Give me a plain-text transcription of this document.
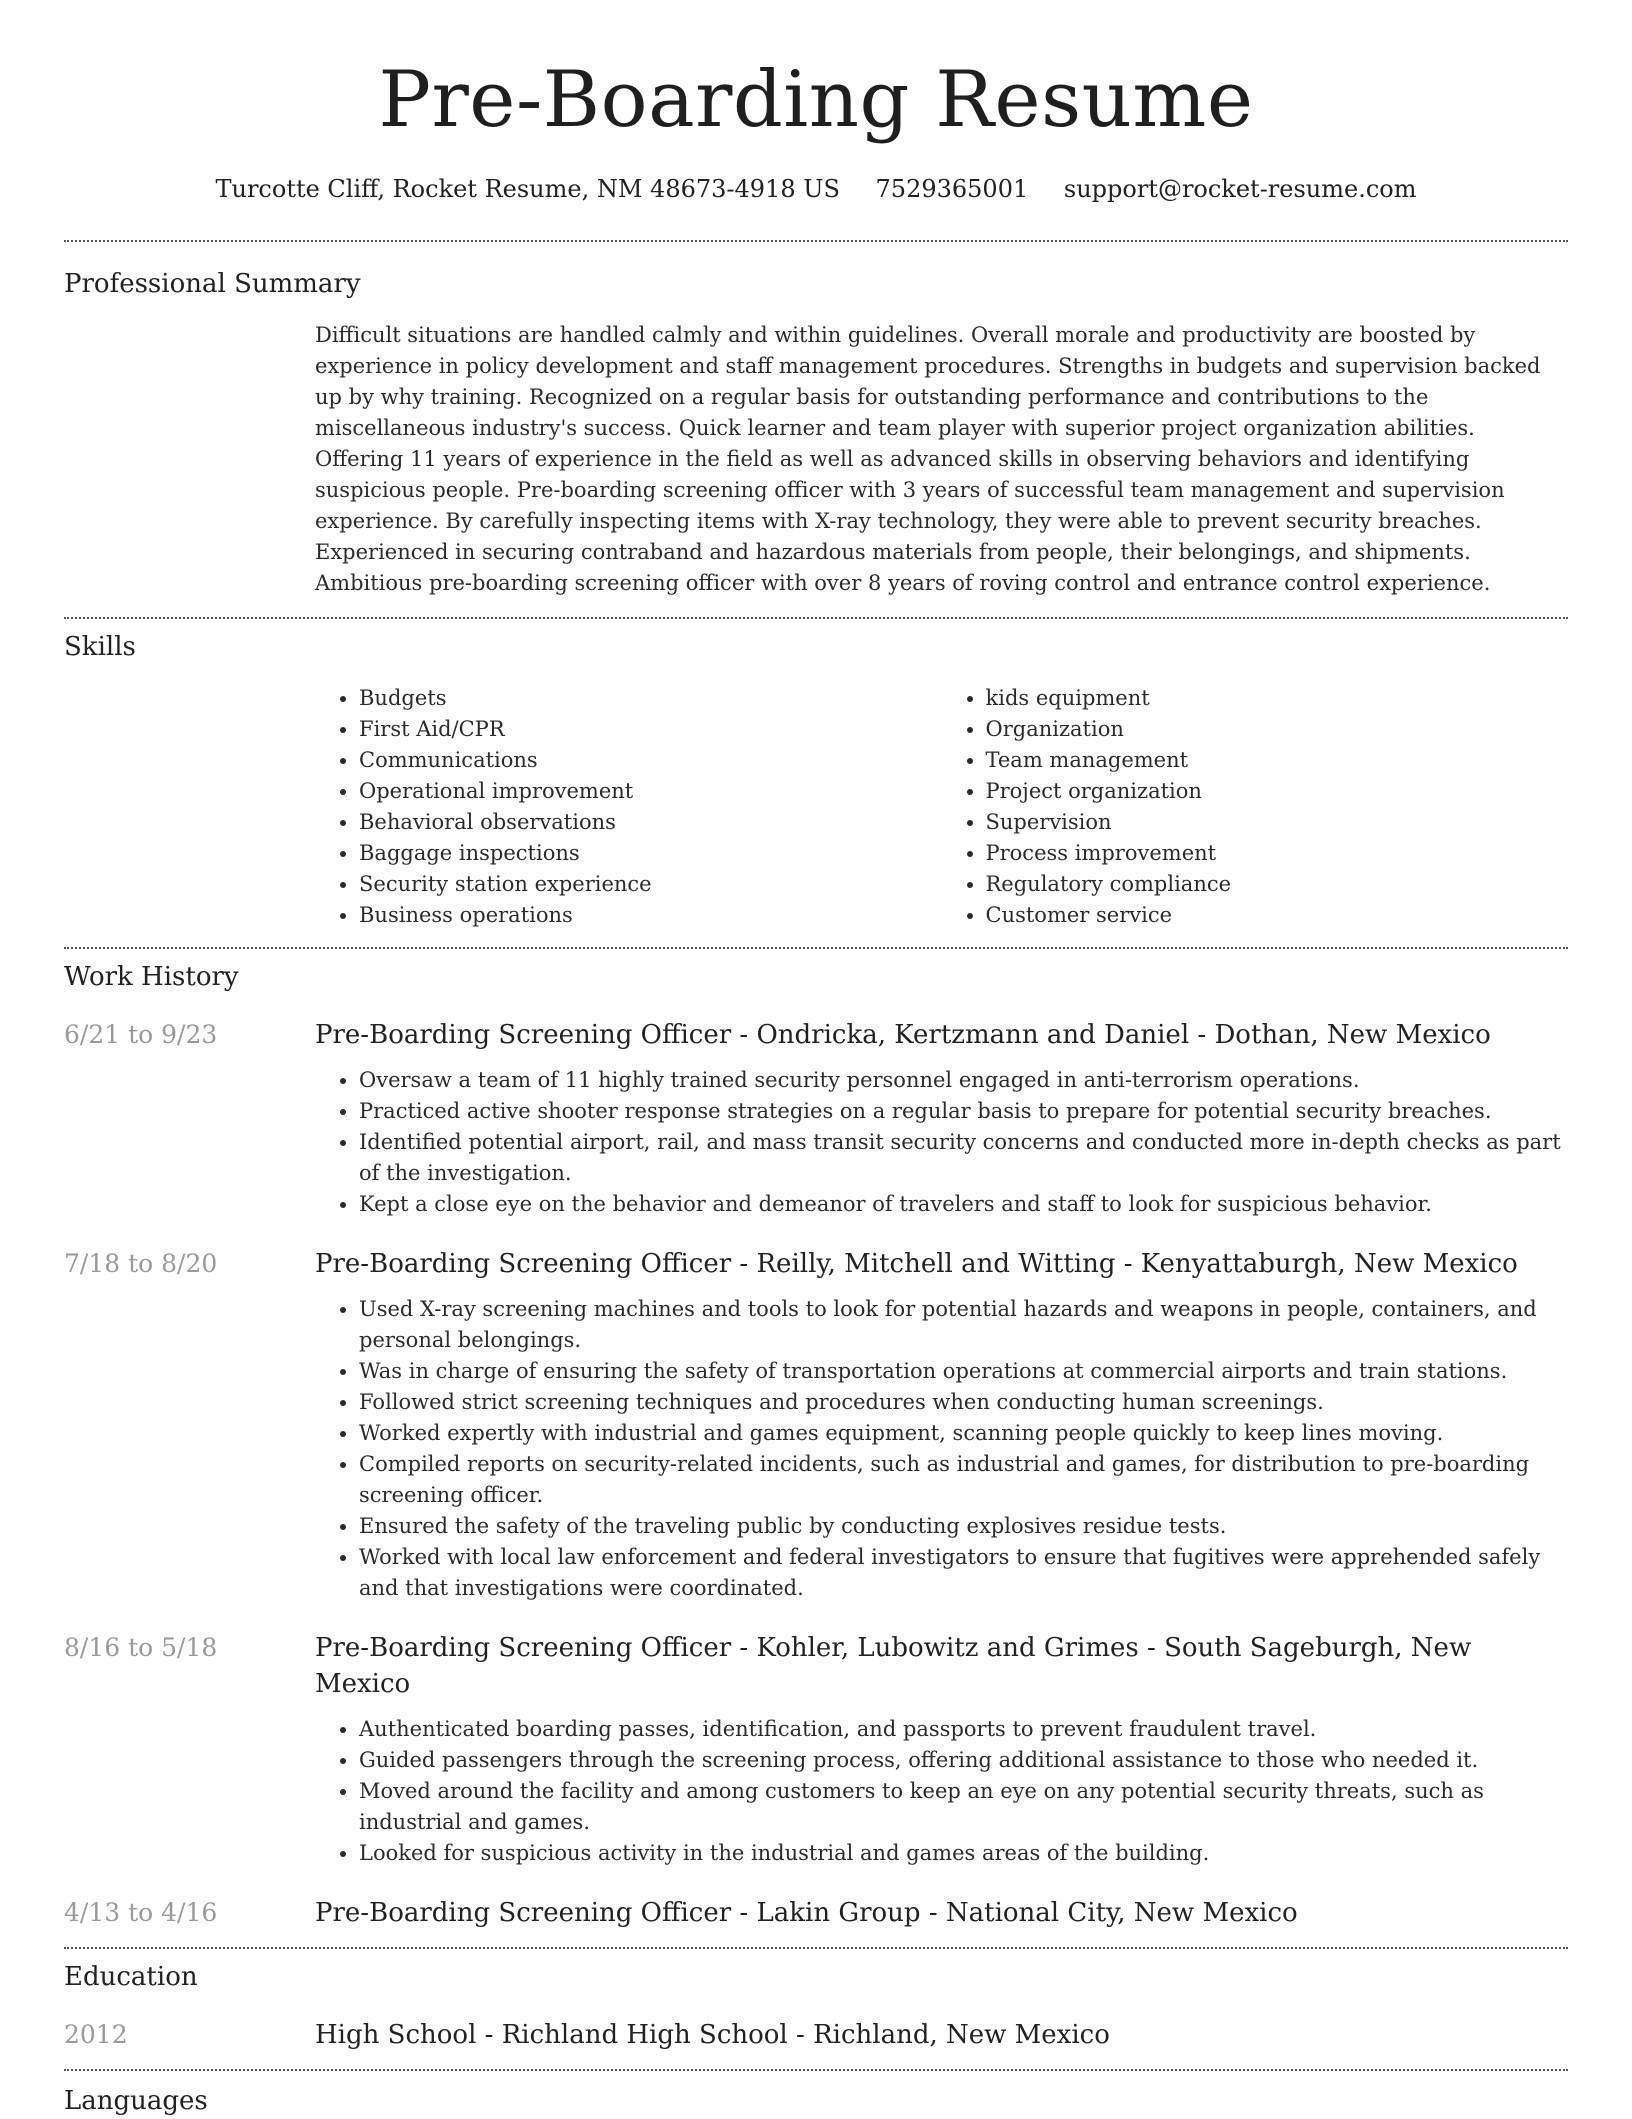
Pre-Boarding Resume
Turcotte Cliff, Rocket Resume, NM 48673-4918 US 7529365001 support@rocket-resume.com
Professional Summary
Difficult situations are handled calmly and within guidelines. Overall morale and productivity are boosted by experience in policy development and staff management procedures. Strengths in budgets and supervision backed up by why training. Recognized on a regular basis for outstanding performance and contributions to the miscellaneous industry's success. Quick learner and team player with superior project organization abilities. Offering 11 years of experience in the field as well as advanced skills in observing behaviors and identifying suspicious people. Pre-boarding screening officer with 3 years of successful team management and supervision experience. By carefully inspecting items with X-ray technology, they were able to prevent security breaches. Experienced in securing contraband and hazardous materials from people, their belongings, and shipments. Ambitious pre-boarding screening officer with over 8 years of roving control and entrance control experience.
Skills
• Budgets
• First Aid/CPR
• Communications
• Operational improvement
• Behavioral observations
• Baggage inspections
• Security station experience
• Business operations
• kids equipment
• Organization
• Team management
• Project organization
• Supervision
• Process improvement
• Regulatory compliance
• Customer service
Work History
6/21 to 9/23	Pre-Boarding Screening Officer - Ondricka, Kertzmann and Daniel - Dothan, New Mexico
• Oversaw a team of 11 highly trained security personnel engaged in anti-terrorism operations.
• Practiced active shooter response strategies on a regular basis to prepare for potential security breaches.
• Identified potential airport, rail, and mass transit security concerns and conducted more in-depth checks as part of the investigation.
• Kept a close eye on the behavior and demeanor of travelers and staff to look for suspicious behavior.
7/18 to 8/20	Pre-Boarding Screening Officer - Reilly, Mitchell and Witting - Kenyattaburgh, New Mexico
• Used X-ray screening machines and tools to look for potential hazards and weapons in people, containers, and personal belongings.
• Was in charge of ensuring the safety of transportation operations at commercial airports and train stations.
• Followed strict screening techniques and procedures when conducting human screenings.
• Worked expertly with industrial and games equipment, scanning people quickly to keep lines moving.
• Compiled reports on security-related incidents, such as industrial and games, for distribution to pre-boarding screening officer.
• Ensured the safety of the traveling public by conducting explosives residue tests.
• Worked with local law enforcement and federal investigators to ensure that fugitives were apprehended safely and that investigations were coordinated.
8/16 to 5/18	Pre-Boarding Screening Officer - Kohler, Lubowitz and Grimes - South Sageburgh, New Mexico
• Authenticated boarding passes, identification, and passports to prevent fraudulent travel.
• Guided passengers through the screening process, offering additional assistance to those who needed it.
• Moved around the facility and among customers to keep an eye on any potential security threats, such as industrial and games.
• Looked for suspicious activity in the industrial and games areas of the building.
4/13 to 4/16	Pre-Boarding Screening Officer - Lakin Group - National City, New Mexico
Education
2012	High School - Richland High School - Richland, New Mexico
Languages
